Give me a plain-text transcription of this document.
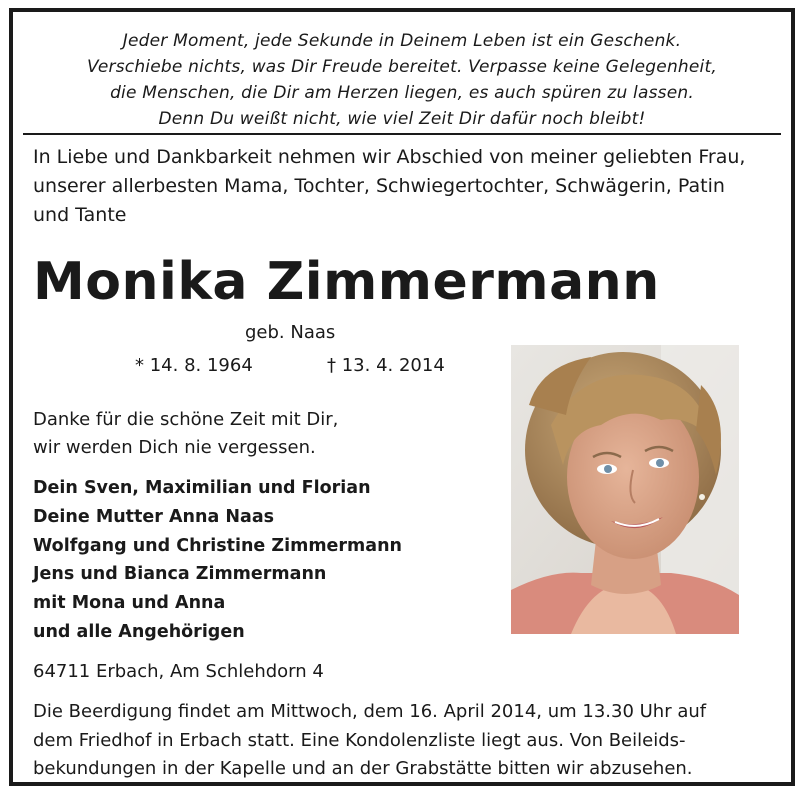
Jeder Moment, jede Sekunde in Deinem Leben ist ein Geschenk.
Verschiebe nichts, was Dir Freude bereitet. Verpasse keine Gelegenheit,
die Menschen, die Dir am Herzen liegen, es auch spüren zu lassen.
Denn Du weißt nicht, wie viel Zeit Dir dafür noch bleibt!
In Liebe und Dankbarkeit nehmen wir Abschied von meiner geliebten Frau,
unserer allerbesten Mama, Tochter, Schwiegertochter, Schwägerin, Patin
und Tante
Monika Zimmermann
geb. Naas
* 14. 8. 1964	† 13. 4. 2014
Danke für die schöne Zeit mit Dir,
wir werden Dich nie vergessen.
Dein Sven, Maximilian und Florian
Deine Mutter Anna Naas
Wolfgang und Christine Zimmermann
Jens und Bianca Zimmermann
mit Mona und Anna
und alle Angehörigen
64711 Erbach, Am Schlehdorn 4
Die Beerdigung findet am Mittwoch, dem 16. April 2014, um 13.30 Uhr auf
dem Friedhof in Erbach statt. Eine Kondolenzliste liegt aus. Von Beileids-
bekundungen in der Kapelle und an der Grabstätte bitten wir abzusehen.
